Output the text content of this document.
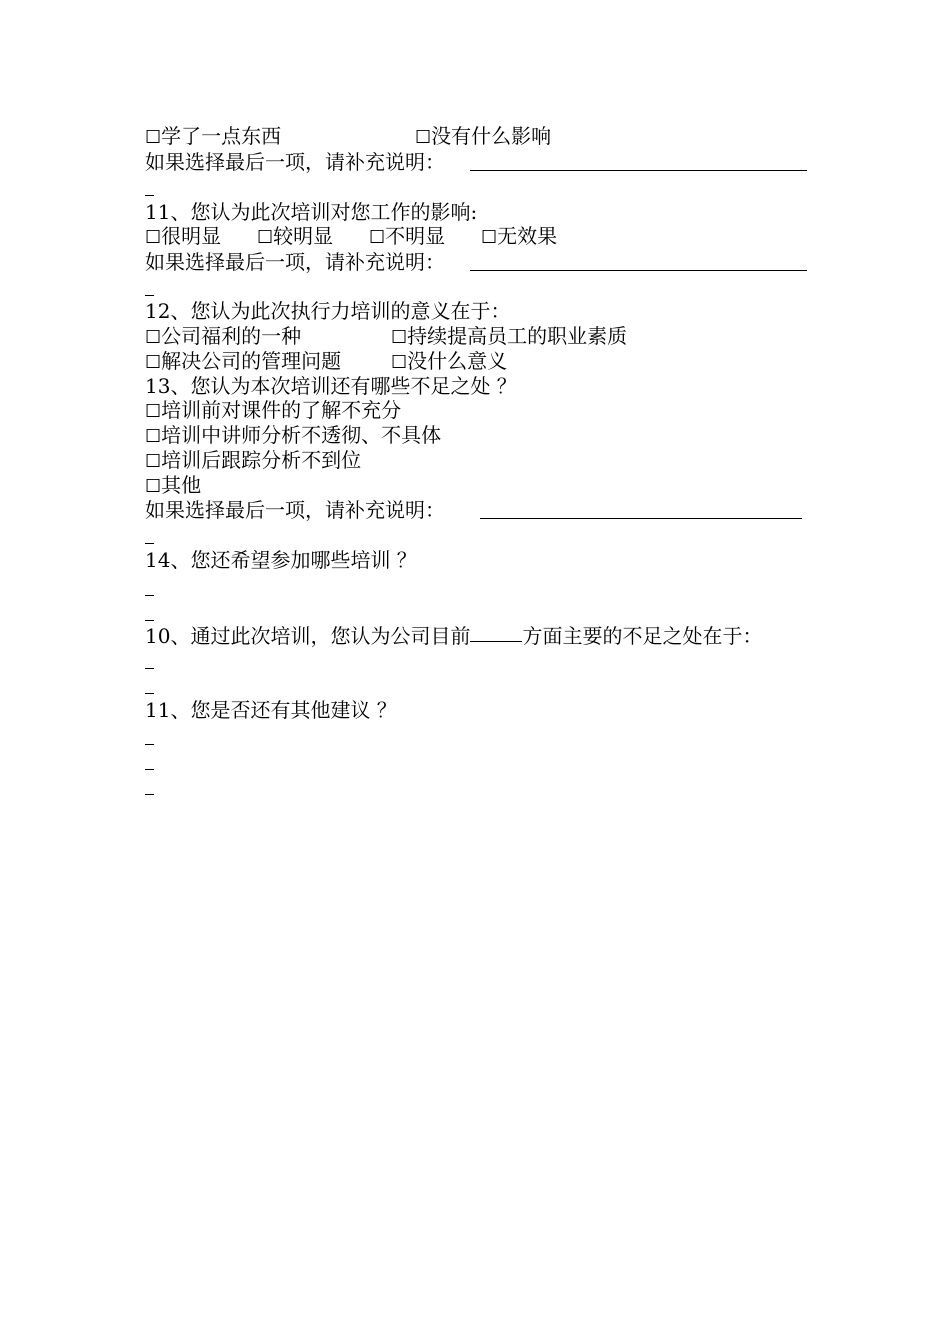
☐学了一点东西	☐没有什么影响
如果选择最后一项，请补充说明：
11、您认为此次培训对您工作的影响:
☐很明显 ☐较明显 ☐不明显 ☐无效果
如果选择最后一项，请补充说明：
12、您认为此次执行力培训的意义在于：
☐公司福利的一种	☐持续提高员工的职业素质
☐解决公司的管理问题	☐没什么意义
13、您认为本次培训还有哪些不足之处 ？
☐培训前对课件的了解不充分
☐培训中讲师分析不透彻、不具体
☐培训后跟踪分析不到位
☐其他
如果选择最后一项，请补充说明：
14、您还希望参加哪些培训 ？
10、通过此次培训，您认为公司目前	方面主要的不足之处在于：
11、您是否还有其他建议 ？
